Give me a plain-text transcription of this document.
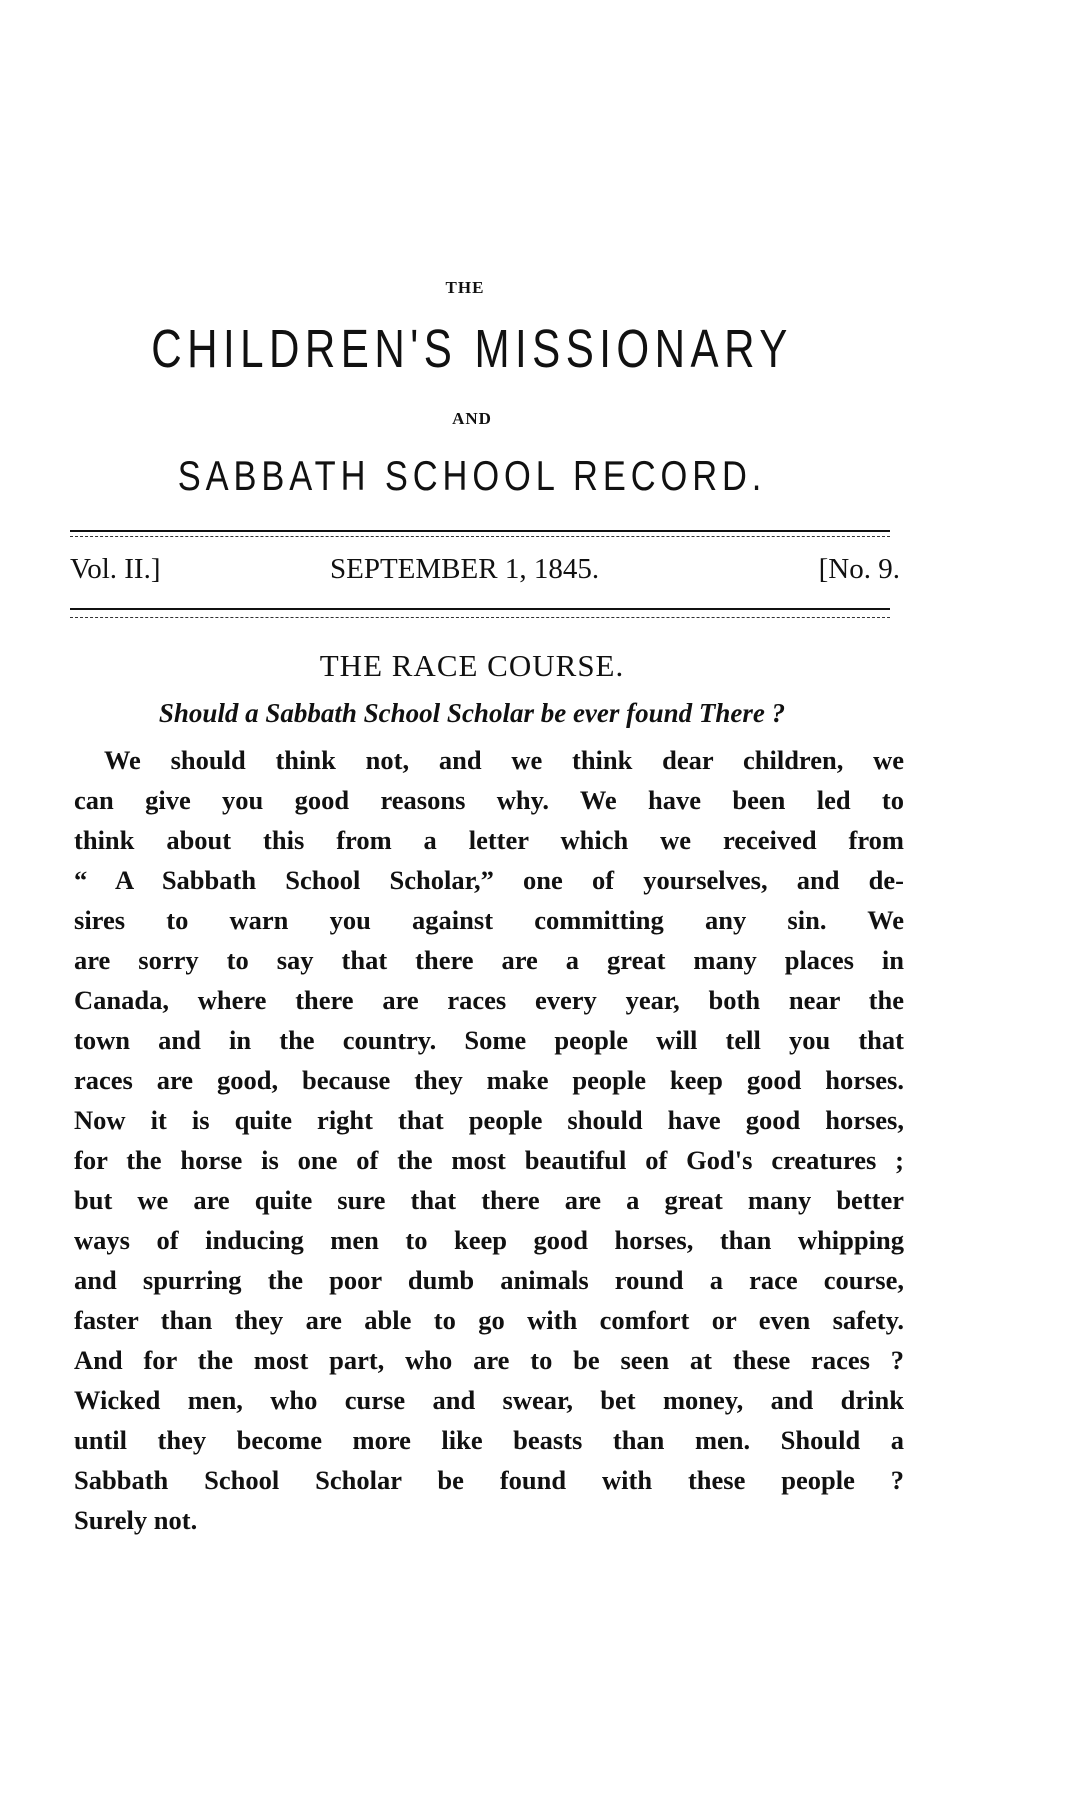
THE
CHILDREN'S MISSIONARY
AND
SABBATH SCHOOL RECORD.
Vol. II.]	SEPTEMBER 1, 1845.	[No. 9.
THE RACE COURSE.
Should a Sabbath School Scholar be ever found There ?
We should think not, and we think dear children, we
can give you good reasons why. We have been led to
think about this from a letter which we received from
“ A Sabbath School Scholar,” one of yourselves, and de-
sires to warn you against committing any sin. We
are sorry to say that there are a great many places in
Canada, where there are races every year, both near the
town and in the country. Some people will tell you that
races are good, because they make people keep good horses.
Now it is quite right that people should have good horses,
for the horse is one of the most beautiful of God's creatures ;
but we are quite sure that there are a great many better
ways of inducing men to keep good horses, than whipping
and spurring the poor dumb animals round a race course,
faster than they are able to go with comfort or even safety.
And for the most part, who are to be seen at these races ?
Wicked men, who curse and swear, bet money, and drink
until they become more like beasts than men. Should a
Sabbath School Scholar be found with these people ?
Surely not.
